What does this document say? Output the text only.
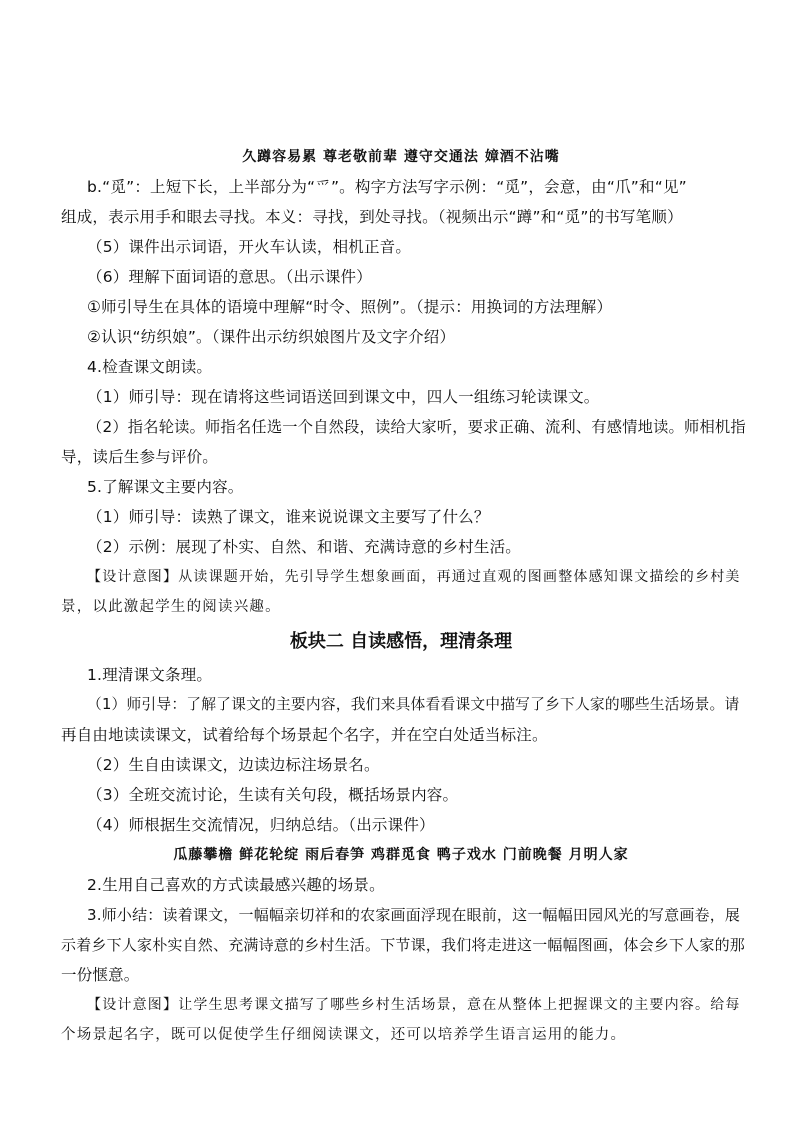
久蹲容易累 尊老敬前辈 遵守交通法 嫜酒不沾嘴
b.“觅”：上短下长，上半部分为“爫”。构字方法写字示例：“觅”，会意，由“爪”和“见”
组成，表示用手和眼去寻找。本义：寻找，到处寻找。（视频出示“蹲”和“觅”的书写笔顺）
（5）课件出示词语，开火车认读，相机正音。
（6）理解下面词语的意思。（出示课件）
①师引导生在具体的语境中理解“时令、照例”。（提示：用换词的方法理解）
②认识“纺织娘”。（课件出示纺织娘图片及文字介绍）
4.检查课文朗读。
（1）师引导：现在请将这些词语送回到课文中，四人一组练习轮读课文。
（2）指名轮读。师指名任选一个自然段，读给大家听，要求正确、流利、有感情地读。师相机指
导，读后生参与评价。
5.了解课文主要内容。
（1）师引导：读熟了课文，谁来说说课文主要写了什么？
（2）示例：展现了朴实、自然、和谐、充满诗意的乡村生活。
【设计意图】从读课题开始，先引导学生想象画面，再通过直观的图画整体感知课文描绘的乡村美
景，以此激起学生的阅读兴趣。
板块二 自读感悟，理清条理
1.理清课文条理。
（1）师引导：了解了课文的主要内容，我们来具体看看课文中描写了乡下人家的哪些生活场景。请
再自由地读读课文，试着给每个场景起个名字，并在空白处适当标注。
（2）生自由读课文，边读边标注场景名。
（3）全班交流讨论，生读有关句段，概括场景内容。
（4）师根据生交流情况，归纳总结。（出示课件）
瓜藤攀檐 鲜花轮绽 雨后春笋 鸡群觅食 鸭子戏水 门前晚餐 月明人家
2.生用自己喜欢的方式读最感兴趣的场景。
3.师小结：读着课文，一幅幅亲切祥和的农家画面浮现在眼前，这一幅幅田园风光的写意画卷，展
示着乡下人家朴实自然、充满诗意的乡村生活。下节课，我们将走进这一幅幅图画，体会乡下人家的那
一份惬意。
【设计意图】让学生思考课文描写了哪些乡村生活场景，意在从整体上把握课文的主要内容。给每
个场景起名字，既可以促使学生仔细阅读课文，还可以培养学生语言运用的能力。
